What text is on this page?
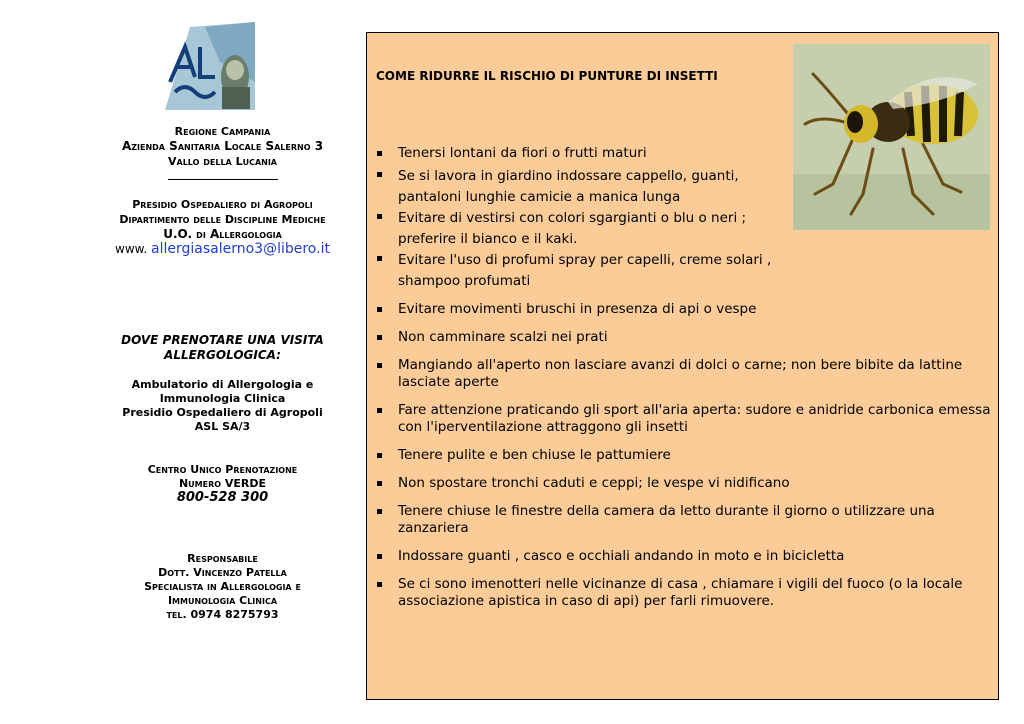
Regione Campania
Azienda Sanitaria Locale Salerno 3
Vallo della Lucania
Presidio Ospedaliero di Agropoli
Dipartimento delle Discipline Mediche
U.O. di Allergologia
www. allergiasalerno3@libero.it
DOVE PRENOTARE UNA VISITA
ALLERGOLOGICA:
Ambulatorio di Allergologia e
Immunologia Clinica
Presidio Ospedaliero di Agropoli
ASL SA/3
Centro Unico Prenotazione
Numero VERDE
800-528 300
Responsabile
Dott. Vincenzo Patella
Specialista in Allergologia e
Immunologia Clinica
tel. 0974 8275793
COME RIDURRE IL RISCHIO DI PUNTURE DI INSETTI
Tenersi lontani da fiori o frutti maturi
Se si lavora in giardino indossare cappello, guanti, pantaloni lunghie camicie a manica lunga
Evitare di vestirsi con colori sgargianti o blu o neri ; preferire il bianco e il kaki.
Evitare l'uso di profumi spray per capelli, creme solari , shampoo profumati
Evitare movimenti bruschi in presenza di api o vespe
Non camminare scalzi nei prati
Mangiando all'aperto non lasciare avanzi di dolci o carne; non bere bibite da lattine lasciate aperte
Fare attenzione praticando gli sport all'aria aperta: sudore e anidride carbonica emessa con l'iperventilazione attraggono gli insetti
Tenere pulite e ben chiuse le pattumiere
Non spostare tronchi caduti e ceppi; le vespe vi nidificano
Tenere chiuse le finestre della camera da letto durante il giorno o utilizzare una zanzariera
Indossare guanti , casco e occhiali andando in moto e in bicicletta
Se ci sono imenotteri nelle vicinanze di casa , chiamare i vigili del fuoco (o la locale associazione apistica in caso di api) per farli rimuovere.
